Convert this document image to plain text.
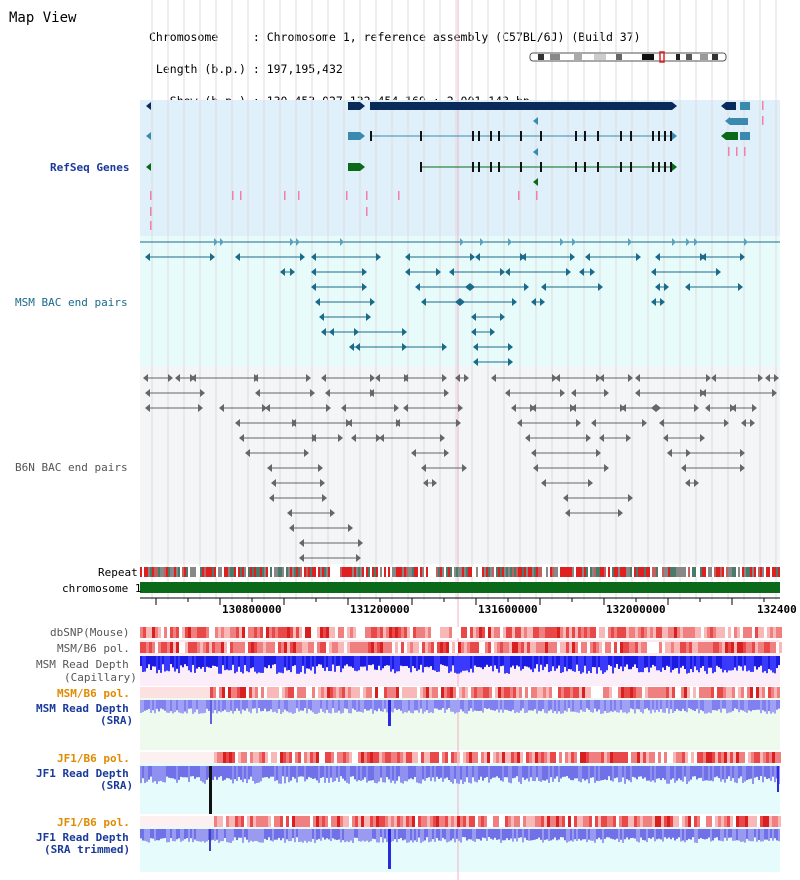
Map View

Chromosome     : Chromosome 1, reference assembly (C57BL/6J) (Build 37)

Length (b.p.) : 197,195,432

RefSeq Genes
MSM BAC end pairs
B6N BAC end pairs
Repeat
chromosome 1
dbSNP(Mouse)
MSM/B6 pol.
MSM Read Depth
(Capillary)
MSM/B6 pol.
MSM Read Depth
(SRA)
JF1/B6 pol.
JF1 Read Depth
(SRA)
JF1/B6 pol.
JF1 Read Depth
(SRA trimmed)
130800000	131200000	131600000	132000000	132400
